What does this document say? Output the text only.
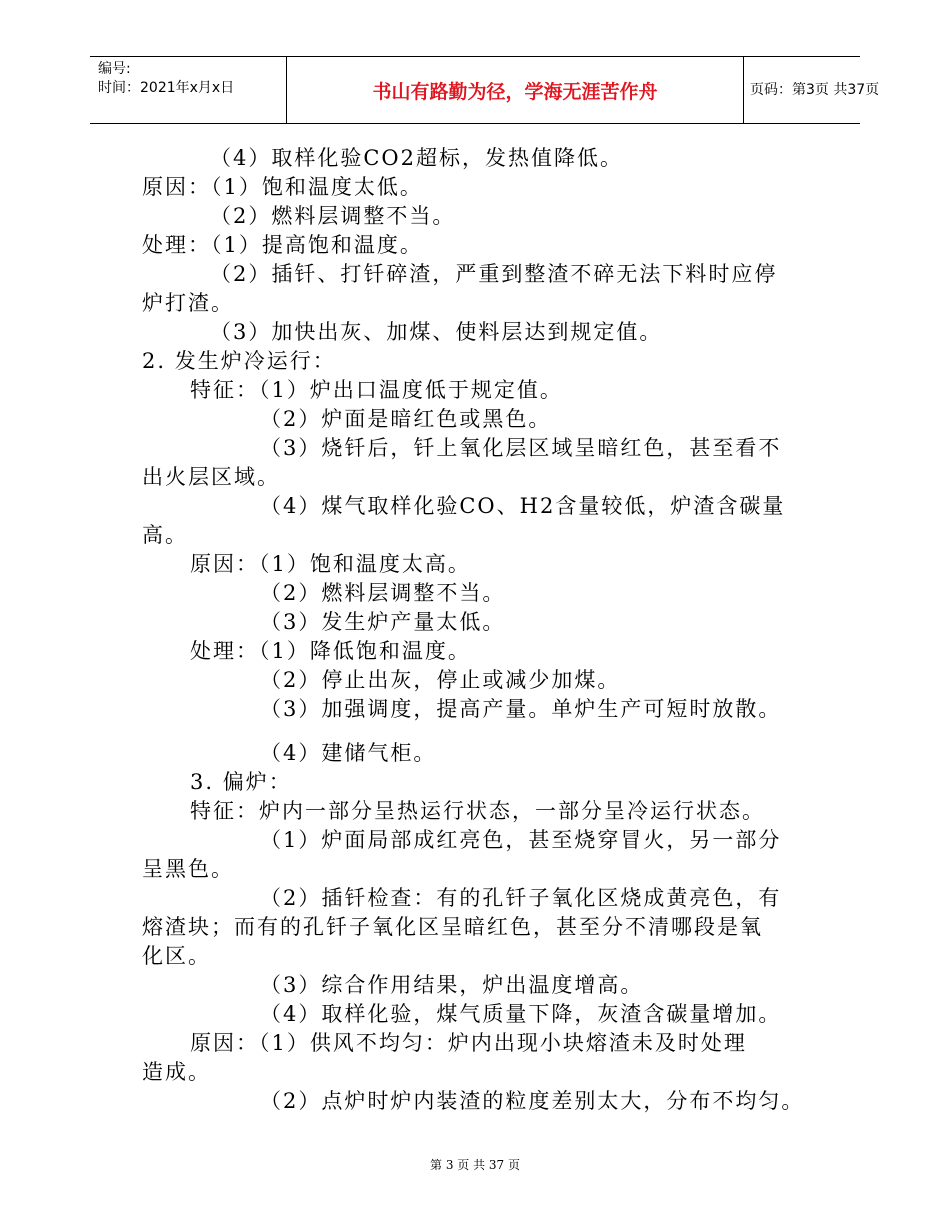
编号:
时间：2021年x月x日	书山有路勤为径，学海无涯苦作舟	页码：第3页 共37页
（4）取样化验CO2超标，发热值降低。
原因：（1）饱和温度太低。
（2）燃料层调整不当。
处理：（1）提高饱和温度。
（2）插钎、打钎碎渣，严重到整渣不碎无法下料时应停
炉打渣。
（3）加快出灰、加煤、使料层达到规定值。
2. 发生炉冷运行：
特征：（1）炉出口温度低于规定值。
（2）炉面是暗红色或黑色。
（3）烧钎后，钎上氧化层区域呈暗红色，甚至看不
出火层区域。
（4）煤气取样化验CO、H2含量较低，炉渣含碳量
高。
原因：（1）饱和温度太高。
（2）燃料层调整不当。
（3）发生炉产量太低。
处理：（1）降低饱和温度。
（2）停止出灰，停止或减少加煤。
（3）加强调度，提高产量。单炉生产可短时放散。
（4）建储气柜。
3. 偏炉：
特征：炉内一部分呈热运行状态，一部分呈冷运行状态。
（1）炉面局部成红亮色，甚至烧穿冒火，另一部分
呈黑色。
（2）插钎检查：有的孔钎子氧化区烧成黄亮色，有
熔渣块；而有的孔钎子氧化区呈暗红色，甚至分不清哪段是氧
化区。
（3）综合作用结果，炉出温度增高。
（4）取样化验，煤气质量下降，灰渣含碳量增加。
原因：（1）供风不均匀：炉内出现小块熔渣未及时处理
造成。
（2）点炉时炉内装渣的粒度差别太大，分布不均匀。
第 3 页 共 37 页
